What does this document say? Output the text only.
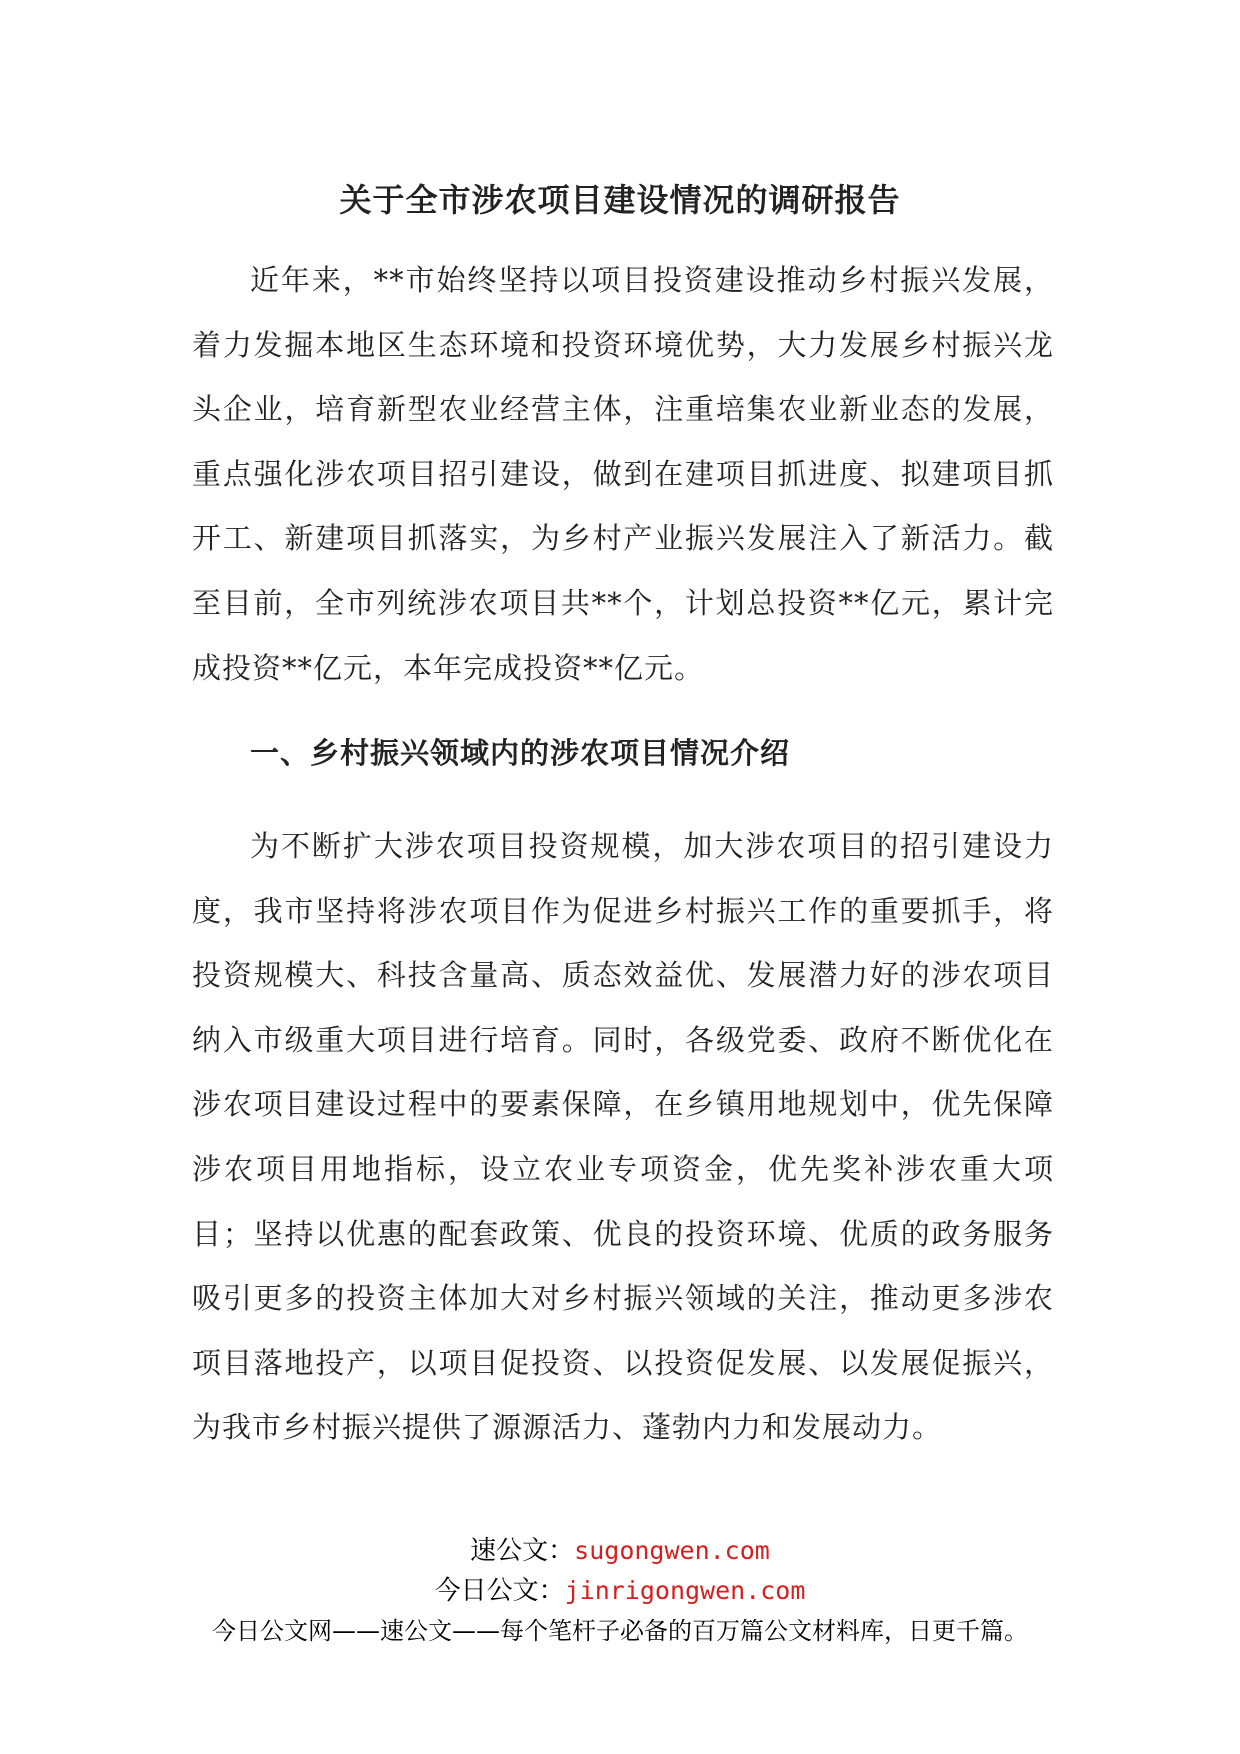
关于全市涉农项目建设情况的调研报告
近年来，**市始终坚持以项目投资建设推动乡村振兴发展，着力发掘本地区生态环境和投资环境优势，大力发展乡村振兴龙头企业，培育新型农业经营主体，注重培集农业新业态的发展，重点强化涉农项目招引建设，做到在建项目抓进度、拟建项目抓开工、新建项目抓落实，为乡村产业振兴发展注入了新活力。截至目前，全市列统涉农项目共**个，计划总投资**亿元，累计完成投资**亿元，本年完成投资**亿元。
一、乡村振兴领域内的涉农项目情况介绍
为不断扩大涉农项目投资规模，加大涉农项目的招引建设力度，我市坚持将涉农项目作为促进乡村振兴工作的重要抓手，将投资规模大、科技含量高、质态效益优、发展潜力好的涉农项目纳入市级重大项目进行培育。同时，各级党委、政府不断优化在涉农项目建设过程中的要素保障，在乡镇用地规划中，优先保障涉农项目用地指标，设立农业专项资金，优先奖补涉农重大项目；坚持以优惠的配套政策、优良的投资环境、优质的政务服务吸引更多的投资主体加大对乡村振兴领域的关注，推动更多涉农项目落地投产，以项目促投资、以投资促发展、以发展促振兴，为我市乡村振兴提供了源源活力、蓬勃内力和发展动力。
速公文：sugongwen.com
今日公文：jinrigongwen.com
今日公文网——速公文——每个笔杆子必备的百万篇公文材料库，日更千篇。
